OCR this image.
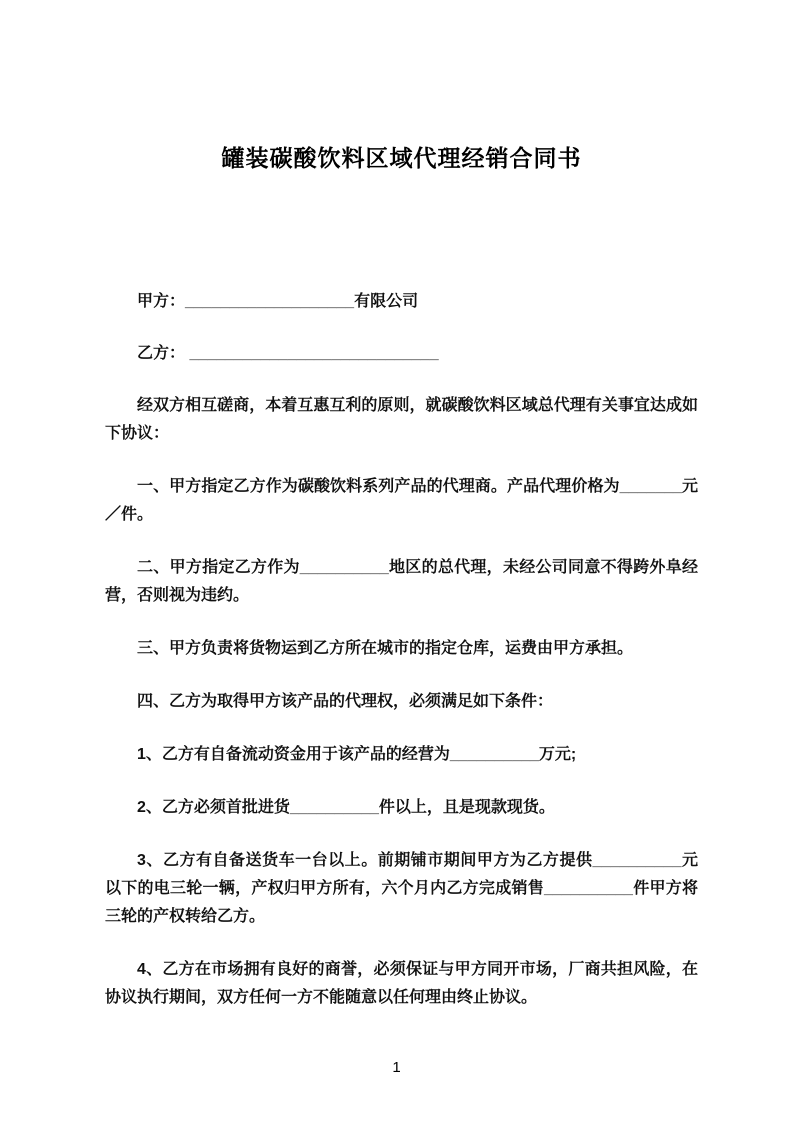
罐装碳酸饮料区域代理经销合同书

甲方：___________________有限公司

乙方： ____________________________

经双方相互磋商，本着互惠互利的原则，就碳酸饮料区域总代理有关事宜达成如下协议：

一、甲方指定乙方作为碳酸饮料系列产品的代理商。产品代理价格为_______元／件。

二、甲方指定乙方作为__________地区的总代理，未经公司同意不得跨外阜经营，否则视为违约。

三、甲方负责将货物运到乙方所在城市的指定仓库，运费由甲方承担。

四、乙方为取得甲方该产品的代理权，必须满足如下条件：

1、乙方有自备流动资金用于该产品的经营为__________万元;

2、乙方必须首批进货__________件以上，且是现款现货。

3、乙方有自备送货车一台以上。前期铺市期间甲方为乙方提供__________元以下的电三轮一辆，产权归甲方所有，六个月内乙方完成销售__________件甲方将三轮的产权转给乙方。

4、乙方在市场拥有良好的商誉，必须保证与甲方同开市场，厂商共担风险，在协议执行期间，双方任何一方不能随意以任何理由终止协议。

1
